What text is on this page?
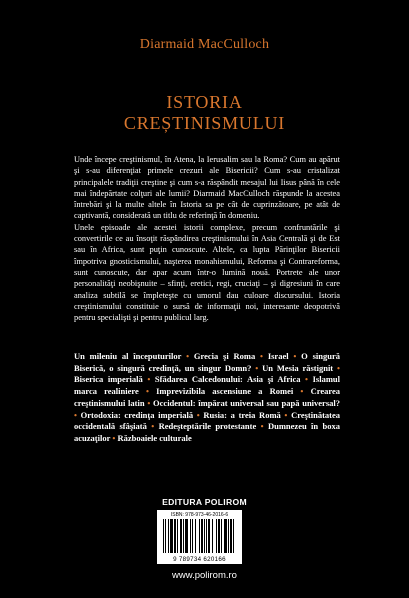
Diarmaid MacCulloch
ISTORIA
CREȘTINISMULUI

Unde începe creştinismul, în Atena, la Ierusalim sau la Roma? Cum au apărut şi s-au diferenţiat primele crezuri ale Bisericii? Cum s-au cristalizat principalele tradiţii creştine şi cum s-a răspândit mesajul lui Iisus până în cele mai îndepărtate colţuri ale lumii? Diarmaid MacCulloch răspunde la acestea întrebări şi la multe altele în Istoria sa pe cât de cuprinzătoare, pe atât de captivantă, considerată un titlu de referinţă în domeniu.

Unele episoade ale acestei istorii complexe, precum confruntările şi convertirile ce au însoţit răspândirea creştinismului în Asia Centrală şi de Est sau în Africa, sunt puţin cunoscute. Altele, ca lupta Părinţilor Bisericii împotriva gnosticismului, naşterea monahismului, Reforma şi Contrareforma, sunt cunoscute, dar apar acum într-o lumină nouă. Portrete ale unor personalităţi neobişnuite – sfinţi, eretici, regi, cruciaţi – şi digresiuni în care analiza subtilă se împleteşte cu umorul dau culoare discursului. Istoria creştinismului constituie o sursă de informaţii noi, interesante deopotrivă pentru specialişti şi pentru publicul larg.

Un mileniu al începuturilor • Grecia şi Roma • Israel • O singură Biserică, o singură credinţă, un singur Domn? • Un Mesia răstignit • Biserica imperială • Sfădarea Calcedonului: Asia şi Africa • Islamul marca realiniere • Imprevizibila ascensiune a Romei • Crearea creştinismului latin • Occidentul: împărat universal sau papă universal? • Ortodoxia: credinţa imperială • Rusia: a treia Romă • Creştinătatea occidentală sfâşiată • Redeşteptările protestante • Dumnezeu în boxa acuzaţilor • Războaiele culturale
EDITURA POLIROM
ISBN: 978-973-46-2016-6
9 789734 620166
www.polirom.ro
